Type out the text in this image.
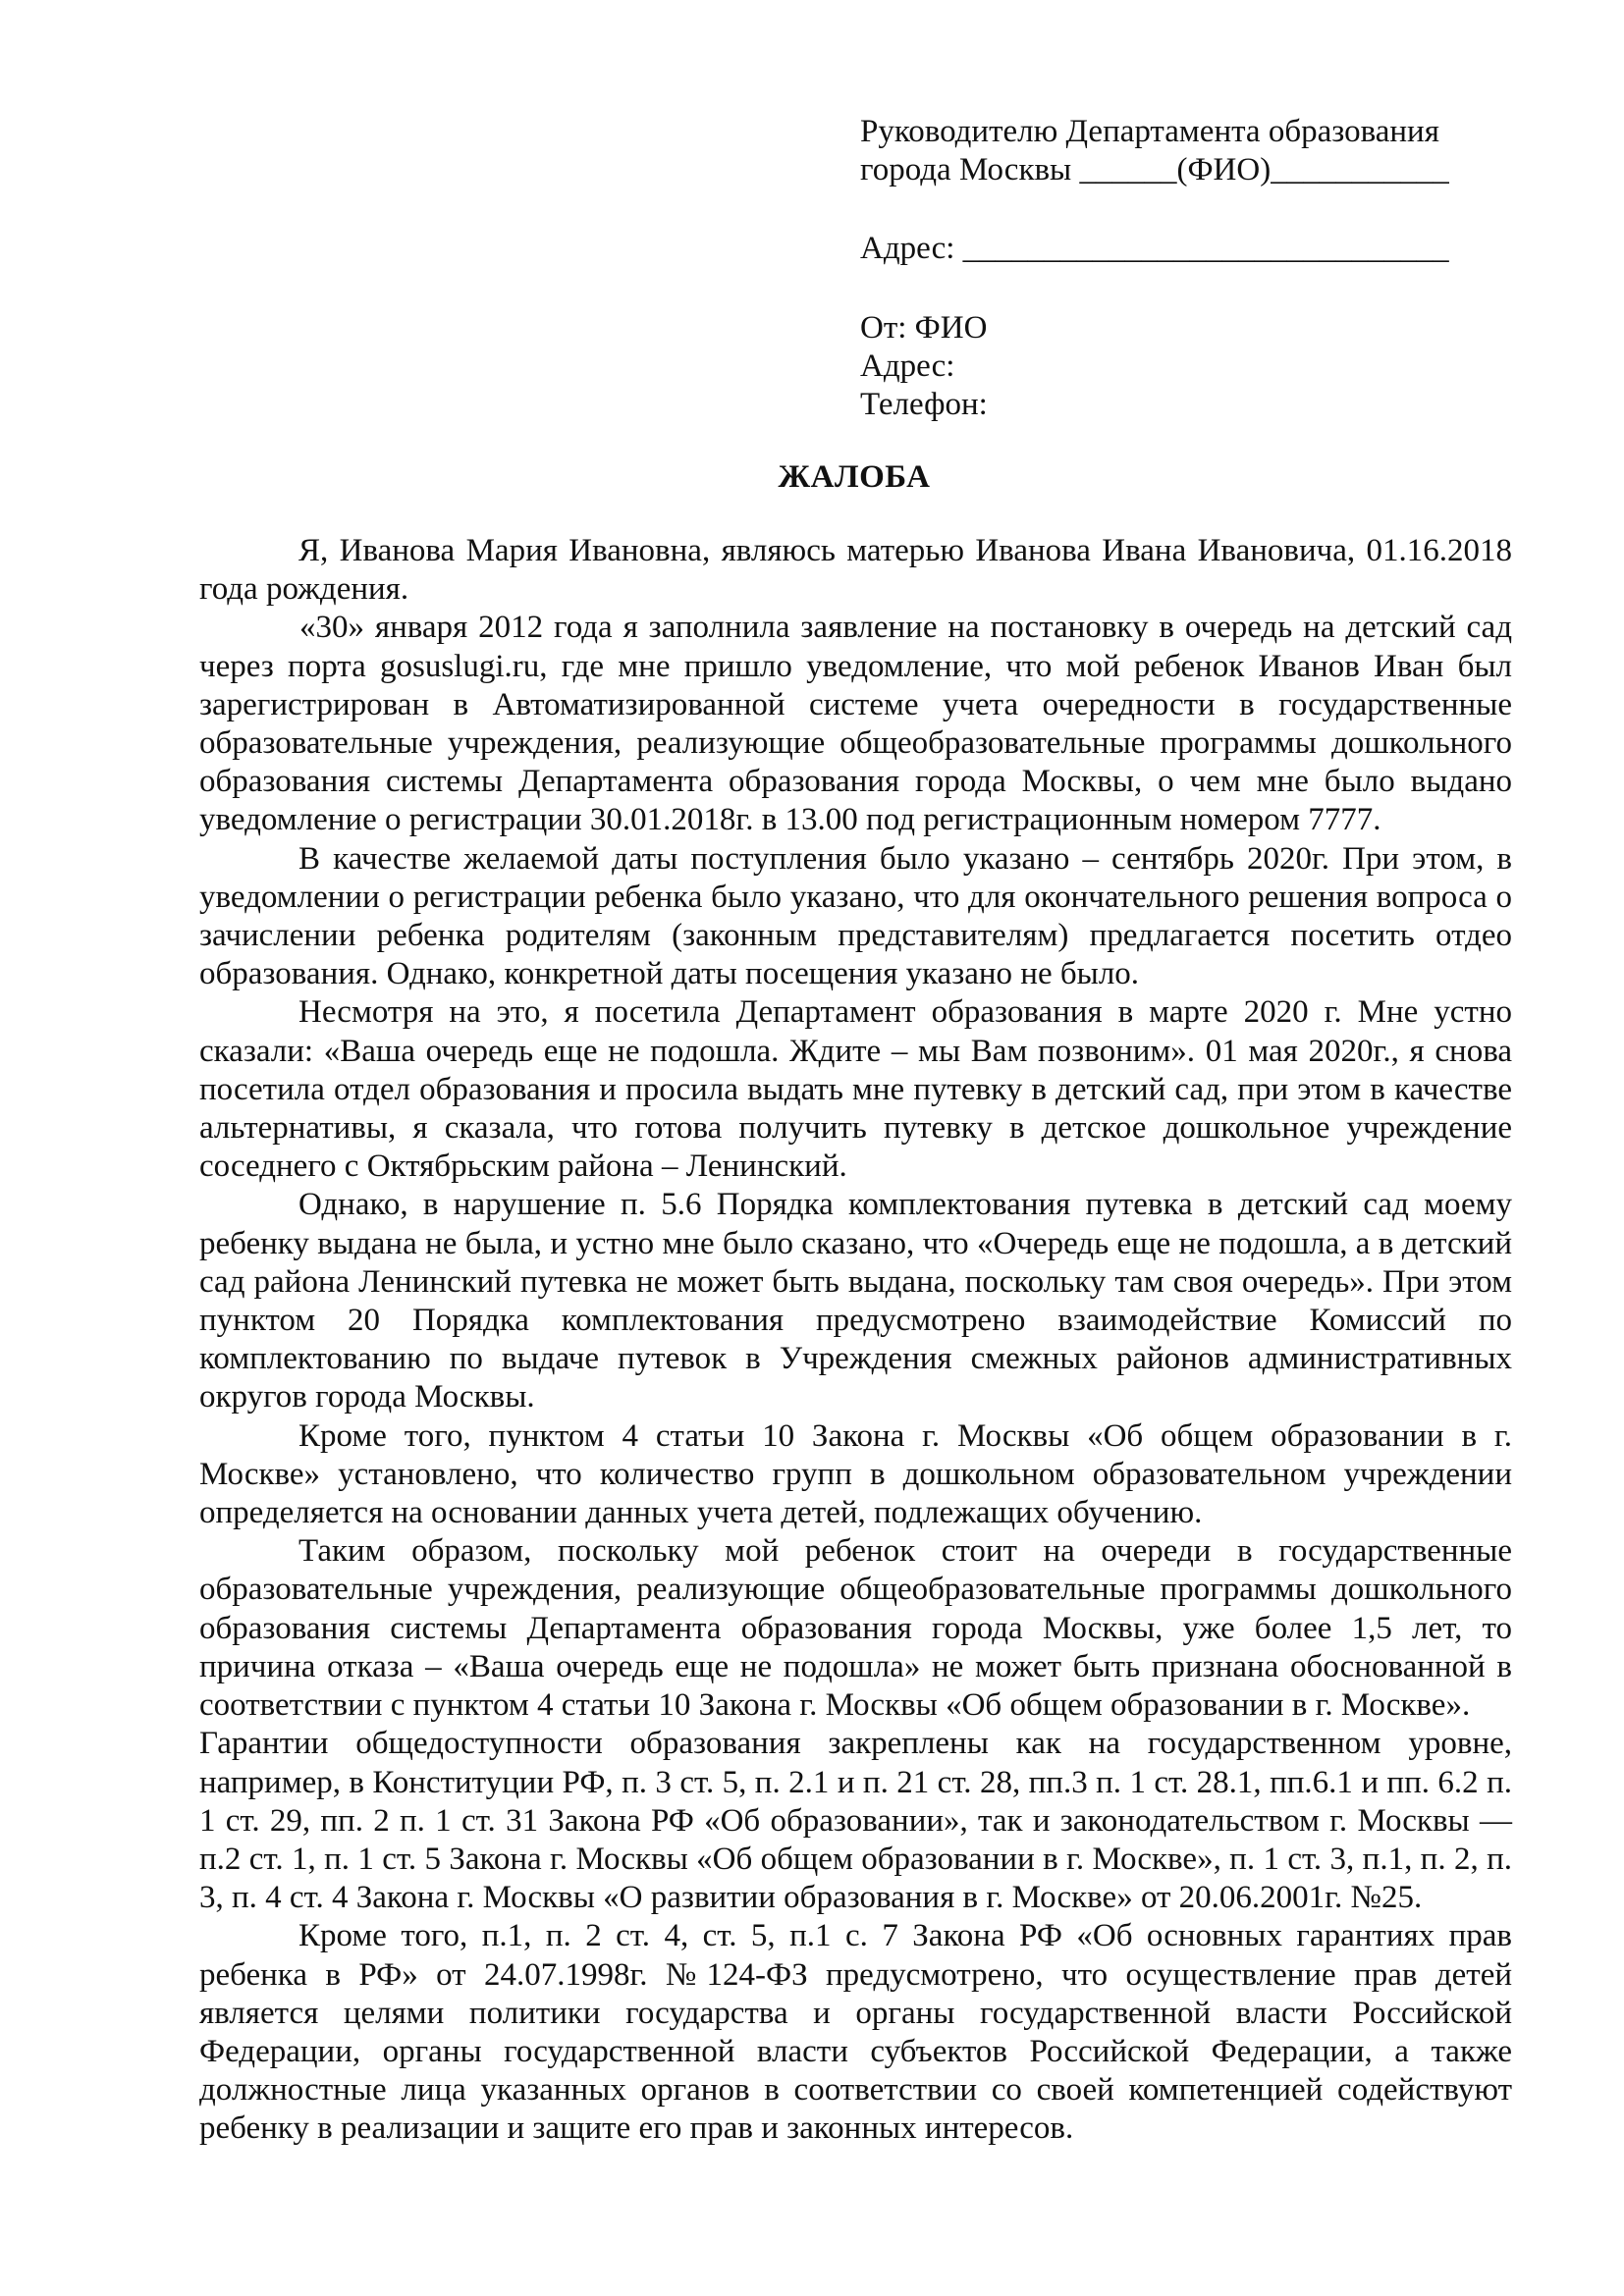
Руководителю Департамента образования
города Москвы ______(ФИО)___________
Адрес: ______________________________
От: ФИО
Адрес:
Телефон:
ЖАЛОБА

Я, Иванова Мария Ивановна, являюсь матерью Иванова Ивана Ивановича, 01.16.2018 года рождения.

«30» января 2012 года я заполнила заявление на постановку в очередь на детский сад через порта gosuslugi.ru, где мне пришло уведомление, что мой ребенок Иванов Иван был зарегистрирован в Автоматизированной системе учета очередности в государственные образовательные учреждения, реализующие общеобразовательные программы дошкольного образования системы Департамента образования города Москвы, о чем мне было выдано уведомление о регистрации 30.01.2018г. в 13.00 под регистрационным номером 7777.

В качестве желаемой даты поступления было указано – сентябрь 2020г. При этом, в уведомлении о регистрации ребенка было указано, что для окончательного решения вопроса о зачислении ребенка родителям (законным представителям) предлагается посетить отдео образования. Однако, конкретной даты посещения указано не было.

Несмотря на это, я посетила Департамент образования в марте 2020 г. Мне устно сказали: «Ваша очередь еще не подошла. Ждите – мы Вам позвоним». 01 мая 2020г., я снова посетила отдел образования и просила выдать мне путевку в детский сад, при этом в качестве альтернативы, я сказала, что готова получить путевку в детское дошкольное учреждение соседнего с Октябрьским района – Ленинский.

Однако, в нарушение п. 5.6 Порядка комплектования путевка в детский сад моему ребенку выдана не была, и устно мне было сказано, что «Очередь еще не подошла, а в детский сад района Ленинский путевка не может быть выдана, поскольку там своя очередь». При этом пунктом 20 Порядка комплектования предусмотрено взаимодействие Комиссий по комплектованию по выдаче путевок в Учреждения смежных районов административных округов города Москвы.

Кроме того, пунктом 4 статьи 10 Закона г. Москвы «Об общем образовании в г. Москве» установлено, что количество групп в дошкольном образовательном учреждении определяется на основании данных учета детей, подлежащих обучению.

Таким образом, поскольку мой ребенок стоит на очереди в государственные образовательные учреждения, реализующие общеобразовательные программы дошкольного образования системы Департамента образования города Москвы, уже более 1,5 лет, то причина отказа – «Ваша очередь еще не подошла» не может быть признана обоснованной в соответствии с пунктом 4 статьи 10 Закона г. Москвы «Об общем образовании в г. Москве».

Гарантии общедоступности образования закреплены как на государственном уровне, например, в Конституции РФ, п. 3 ст. 5, п. 2.1 и п. 21 ст. 28, пп.3 п. 1 ст. 28.1, пп.6.1 и пп. 6.2 п. 1 ст. 29, пп. 2 п. 1 ст. 31 Закона РФ «Об образовании», так и законодательством г. Москвы — п.2 ст. 1, п. 1 ст. 5 Закона г. Москвы «Об общем образовании в г. Москве», п. 1 ст. 3, п.1, п. 2, п. 3, п. 4 ст. 4 Закона г. Москвы «О развитии образования в г. Москве» от 20.06.2001г. №25.

Кроме того, п.1, п. 2 ст. 4, ст. 5, п.1 с. 7 Закона РФ «Об основных гарантиях прав ребенка в РФ» от 24.07.1998г. №124-ФЗ предусмотрено, что осуществление прав детей является целями политики государства и органы государственной власти Российской Федерации, органы государственной власти субъектов Российской Федерации, а также должностные лица указанных органов в соответствии со своей компетенцией содействуют ребенку в реализации и защите его прав и законных интересов.
